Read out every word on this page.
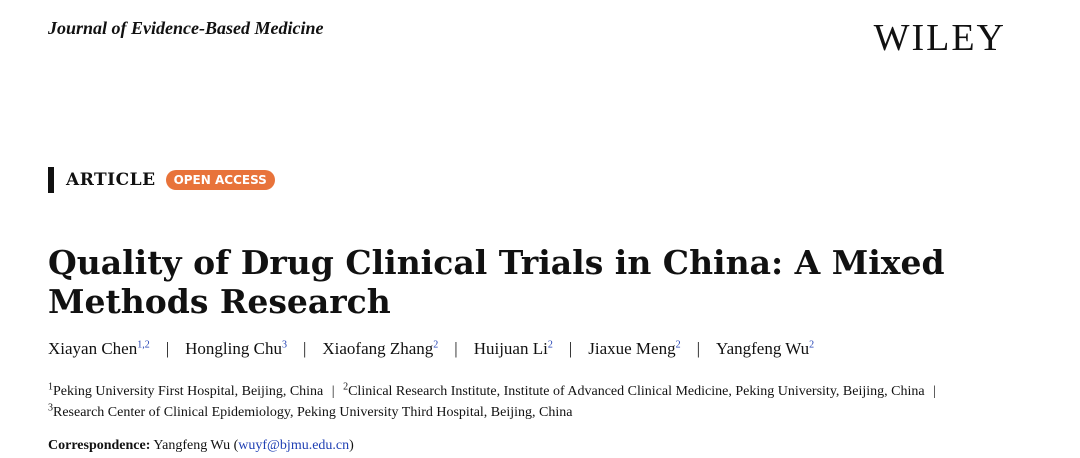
Journal of Evidence-Based Medicine	WILEY
ARTICLE	OPEN ACCESS
Quality of Drug Clinical Trials in China: A Mixed Methods Research
Xiayan Chen$^{1,2}$ | Hongling Chu$^3$ | Xiaofang Zhang$^2$ | Huijuan Li$^2$ | Jiaxue Meng$^2$ | Yangfeng Wu$^2$
$^1$Peking University First Hospital, Beijing, China | $^2$Clinical Research Institute, Institute of Advanced Clinical Medicine, Peking University, Beijing, China |
$^3$Research Center of Clinical Epidemiology, Peking University Third Hospital, Beijing, China
Correspondence: Yangfeng Wu (wuyf@bjmu.edu.cn)
